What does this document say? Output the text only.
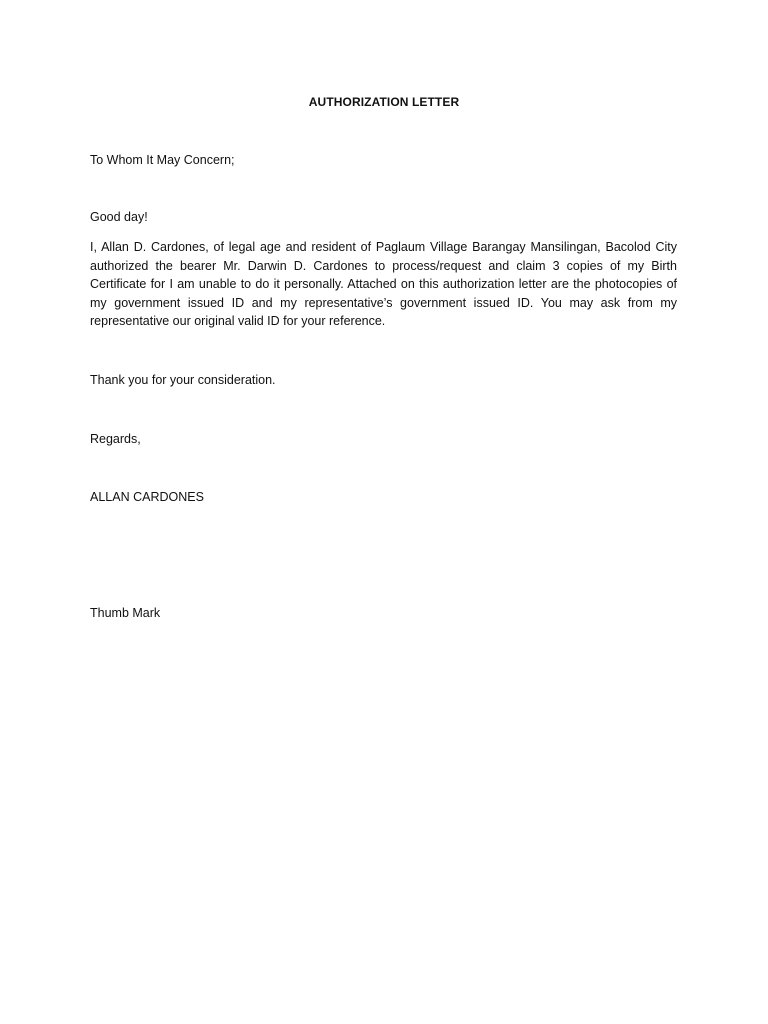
AUTHORIZATION LETTER
To Whom It May Concern;
Good day!
I, Allan D. Cardones, of legal age and resident of Paglaum Village Barangay Mansilingan, Bacolod City authorized the bearer Mr. Darwin D. Cardones to process/request and claim 3 copies of my Birth Certificate for I am unable to do it personally. Attached on this authorization letter are the photocopies of my government issued ID and my representative’s government issued ID. You may ask from my representative our original valid ID for your reference.
Thank you for your consideration.
Regards,
ALLAN CARDONES
Thumb Mark
